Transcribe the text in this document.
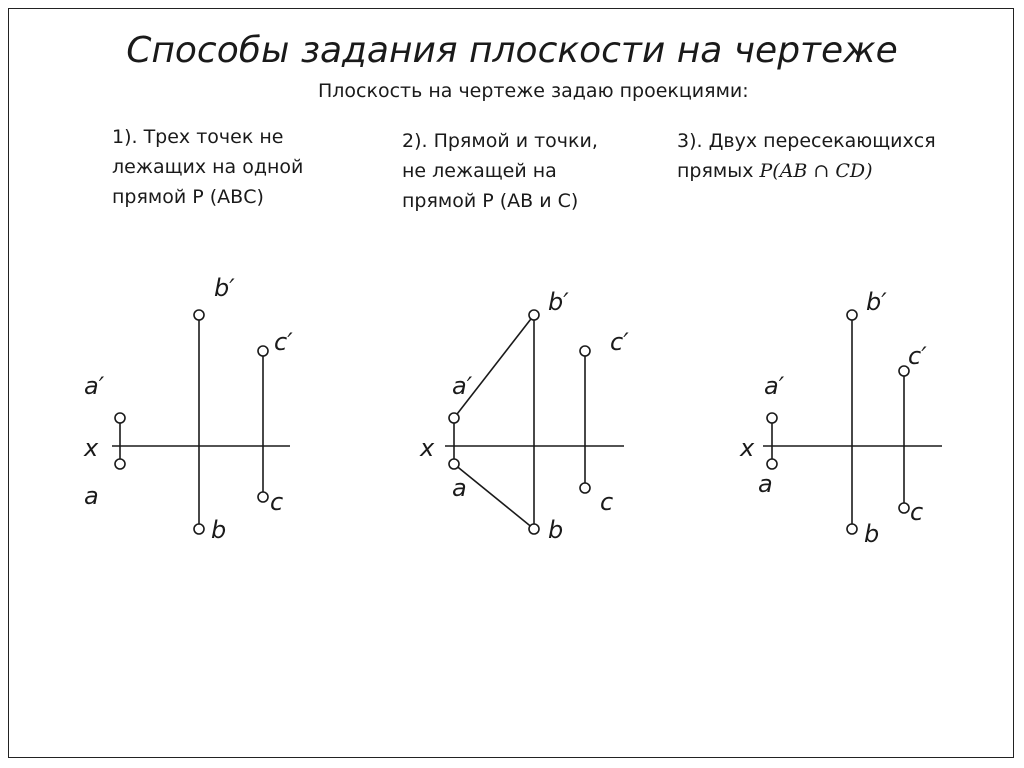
Способы задания плоскости на чертеже
Плоскость на чертеже задаю проекциями:
1). Трех точек не
лежащих на одной
прямой Р (АВС)
2). Прямой и точки,
не лежащей на
прямой Р (АВ и С)
3). Двух пересекающихся
прямых P(AB ∩ CD)
a′
a
x
b′
b
c′
c
a′
a
x
b′
b
c′
c
a′
a
x
b′
b
c′
c
